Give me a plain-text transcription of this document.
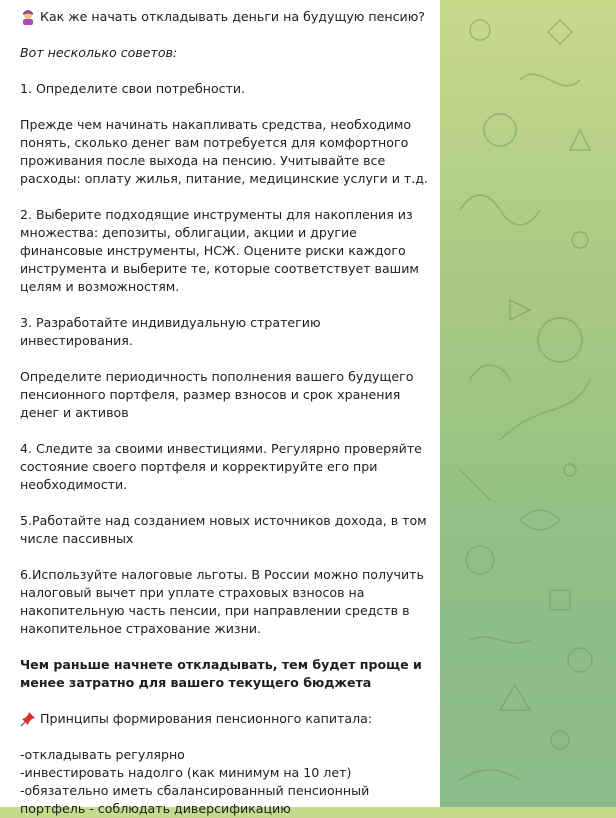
Как же начать откладывать деньги на будущую пенсию?

Вот несколько советов:

1. Определите свои потребности.

Прежде чем начинать накапливать средства, необходимо понять, сколько денег вам потребуется для комфортного проживания после выхода на пенсию. Учитывайте все расходы: оплату жилья, питание, медицинские услуги и т.д.

2. Выберите подходящие инструменты для накопления из множества: депозиты, облигации, акции и другие финансовые инструменты, НСЖ. Оцените риски каждого инструмента и выберите те, которые соответствует вашим целям и возможностям.

3. Разработайте индивидуальную стратегию инвестирования.

Определите периодичность пополнения вашего будущего пенсионного портфеля, размер взносов и срок хранения денег и активов

4. Следите за своими инвестициями. Регулярно проверяйте состояние своего портфеля и корректируйте его при необходимости.

5.Работайте над созданием новых источников дохода, в том числе пассивных

6.Используйте налоговые льготы. В России можно получить налоговый вычет при уплате страховых взносов на накопительную часть пенсии, при направлении средств в накопительное страхование жизни.

Чем раньше начнете откладывать, тем будет проще и менее затратно для вашего текущего бюджета

Принципы формирования пенсионного капитала:

-откладывать регулярно
-инвестировать надолго (как минимум на 10 лет)
-обязательно иметь сбалансированный пенсионный портфель - соблюдать диверсификацию
